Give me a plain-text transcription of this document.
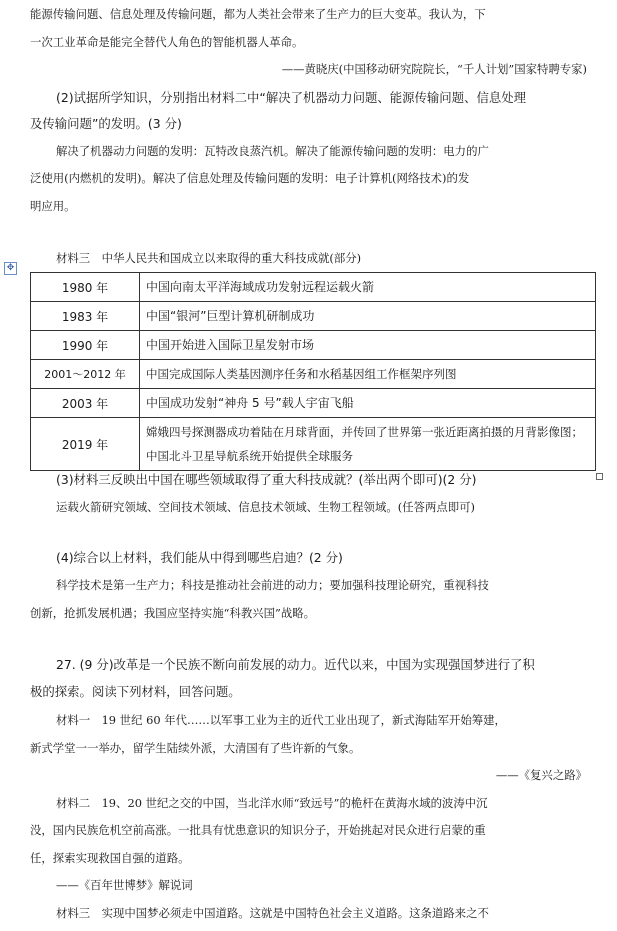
能源传输问题、信息处理及传输问题，都为人类社会带来了生产力的巨大变革。我认为，下
一次工业革命是能完全替代人角色的智能机器人革命。
——黄晓庆(中国移动研究院院长，“千人计划”国家特聘专家)
(2)试据所学知识，分别指出材料二中“解决了机器动力问题、能源传输问题、信息处理
及传输问题”的发明。(3 分)
解决了机器动力问题的发明：瓦特改良蒸汽机。解决了能源传输问题的发明：电力的广
泛使用(内燃机的发明)。解决了信息处理及传输问题的发明：电子计算机(网络技术)的发
明应用。
材料三　中华人民共和国成立以来取得的重大科技成就(部分)
✥
1980 年	中国向南太平洋海域成功发射远程运载火箭
1983 年	中国“银河”巨型计算机研制成功
1990 年	中国开始进入国际卫星发射市场
2001～2012 年	中国完成国际人类基因测序任务和水稻基因组工作框架序列图
2003 年	中国成功发射“神舟 5 号”载人宇宙飞船
2019 年	嫦娥四号探测器成功着陆在月球背面，并传回了世界第一张近距离拍摄的月背影像图；中国北斗卫星导航系统开始提供全球服务
(3)材料三反映出中国在哪些领域取得了重大科技成就？(举出两个即可)(2 分)
运载火箭研究领域、空间技术领域、信息技术领域、生物工程领域。(任答两点即可)
(4)综合以上材料，我们能从中得到哪些启迪？(2 分)
科学技术是第一生产力；科技是推动社会前进的动力；要加强科技理论研究，重视科技
创新，抢抓发展机遇；我国应坚持实施“科教兴国”战略。
27. (9 分)改革是一个民族不断向前发展的动力。近代以来，中国为实现强国梦进行了积
极的探索。阅读下列材料，回答问题。
材料一　19 世纪 60 年代……以军事工业为主的近代工业出现了，新式海陆军开始筹建，
新式学堂一一举办，留学生陆续外派，大清国有了些许新的气象。
——《复兴之路》
材料二　19、20 世纪之交的中国，当北洋水师“致远号”的桅杆在黄海水域的波涛中沉
没，国内民族危机空前高涨。一批具有忧患意识的知识分子，开始挑起对民众进行启蒙的重
任，探索实现救国自强的道路。
——《百年世博梦》解说词
材料三　实现中国梦必须走中国道路。这就是中国特色社会主义道路。这条道路来之不
